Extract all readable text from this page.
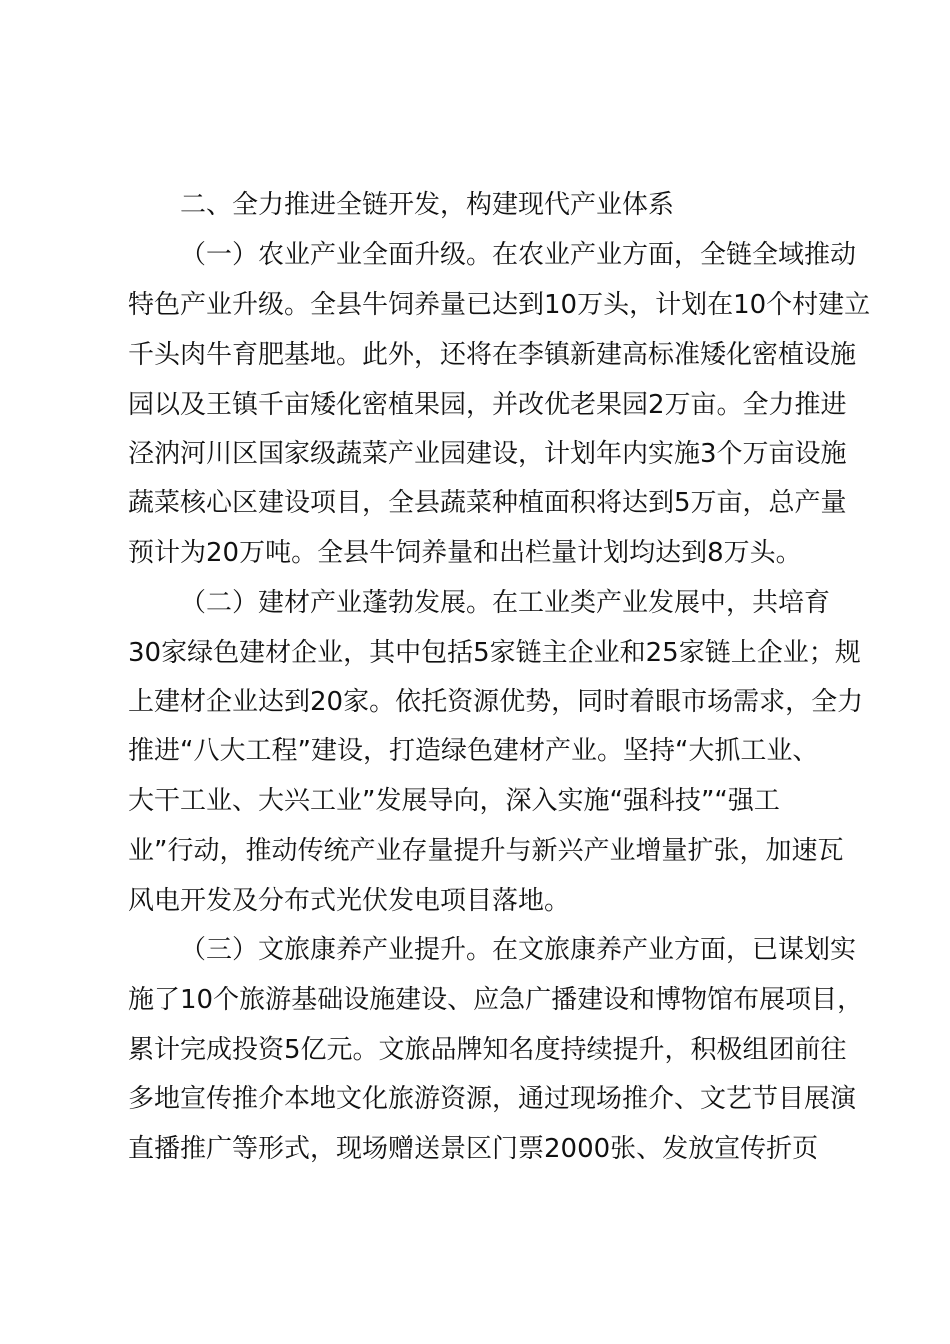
二、全力推进全链开发，构建现代产业体系
（一）农业产业全面升级。在农业产业方面，全链全域推动
特色产业升级。全县牛饲养量已达到10万头，计划在10个村建立
千头肉牛育肥基地。此外，还将在李镇新建高标准矮化密植设施
园以及王镇千亩矮化密植果园，并改优老果园2万亩。全力推进
泾汭河川区国家级蔬菜产业园建设，计划年内实施3个万亩设施
蔬菜核心区建设项目，全县蔬菜种植面积将达到5万亩，总产量
预计为20万吨。全县牛饲养量和出栏量计划均达到8万头。
（二）建材产业蓬勃发展。在工业类产业发展中，共培育
30家绿色建材企业，其中包括5家链主企业和25家链上企业；规
上建材企业达到20家。依托资源优势，同时着眼市场需求，全力
推进“八大工程”建设，打造绿色建材产业。坚持“大抓工业、
大干工业、大兴工业”发展导向，深入实施“强科技”“强工
业”行动，推动传统产业存量提升与新兴产业增量扩张，加速瓦
风电开发及分布式光伏发电项目落地。
（三）文旅康养产业提升。在文旅康养产业方面，已谋划实
施了10个旅游基础设施建设、应急广播建设和博物馆布展项目，
累计完成投资5亿元。文旅品牌知名度持续提升，积极组团前往
多地宣传推介本地文化旅游资源，通过现场推介、文艺节目展演
直播推广等形式，现场赠送景区门票2000张、发放宣传折页
